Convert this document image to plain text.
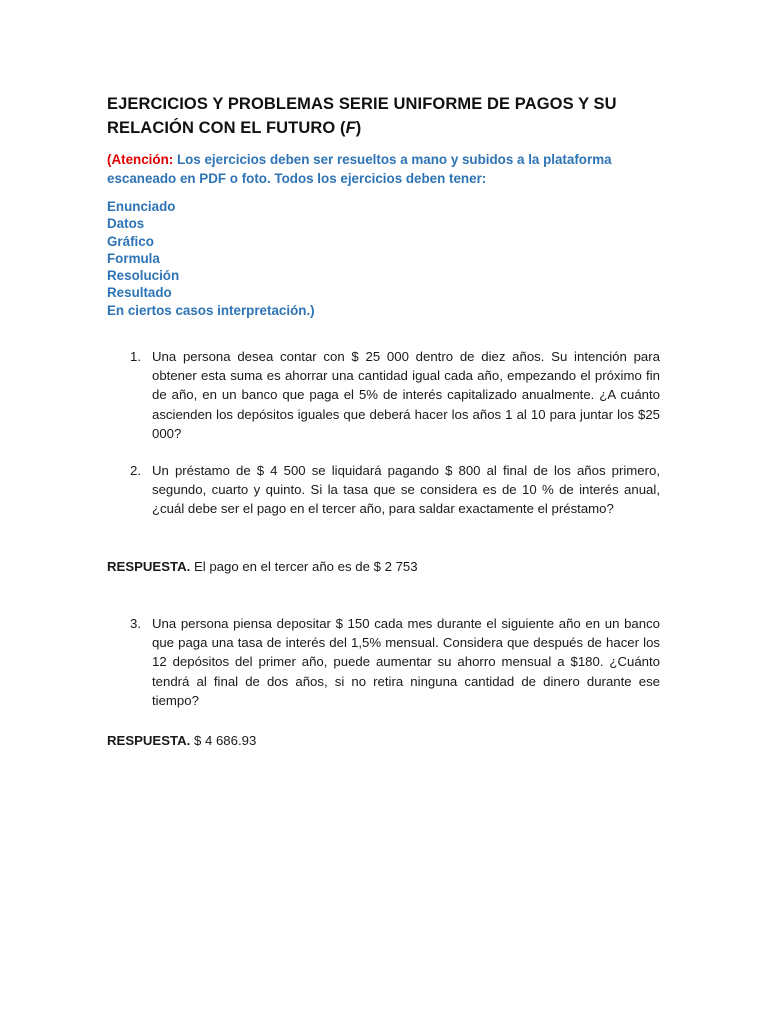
EJERCICIOS Y PROBLEMAS SERIE UNIFORME DE PAGOS Y SU RELACIÓN CON EL FUTURO (F)
(Atención: Los ejercicios deben ser resueltos a mano y subidos a la plataforma escaneado en PDF o foto. Todos los ejercicios deben tener:
Enunciado
Datos
Gráfico
Formula
Resolución
Resultado
En ciertos casos interpretación.)
1. Una persona desea contar con $ 25 000 dentro de diez años. Su intención para obtener esta suma es ahorrar una cantidad igual cada año, empezando el próximo fin de año, en un banco que paga el 5% de interés capitalizado anualmente. ¿A cuánto ascienden los depósitos iguales que deberá hacer los años 1 al 10 para juntar los $25 000?
2. Un préstamo de $ 4 500 se liquidará pagando $ 800 al final de los años primero, segundo, cuarto y quinto. Si la tasa que se considera es de 10 % de interés anual, ¿cuál debe ser el pago en el tercer año, para saldar exactamente el préstamo?
RESPUESTA. El pago en el tercer año es de $ 2 753
3. Una persona piensa depositar $ 150 cada mes durante el siguiente año en un banco que paga una tasa de interés del 1,5% mensual. Considera que después de hacer los 12 depósitos del primer año, puede aumentar su ahorro mensual a $180. ¿Cuánto tendrá al final de dos años, si no retira ninguna cantidad de dinero durante ese tiempo?
RESPUESTA. $ 4 686.93
